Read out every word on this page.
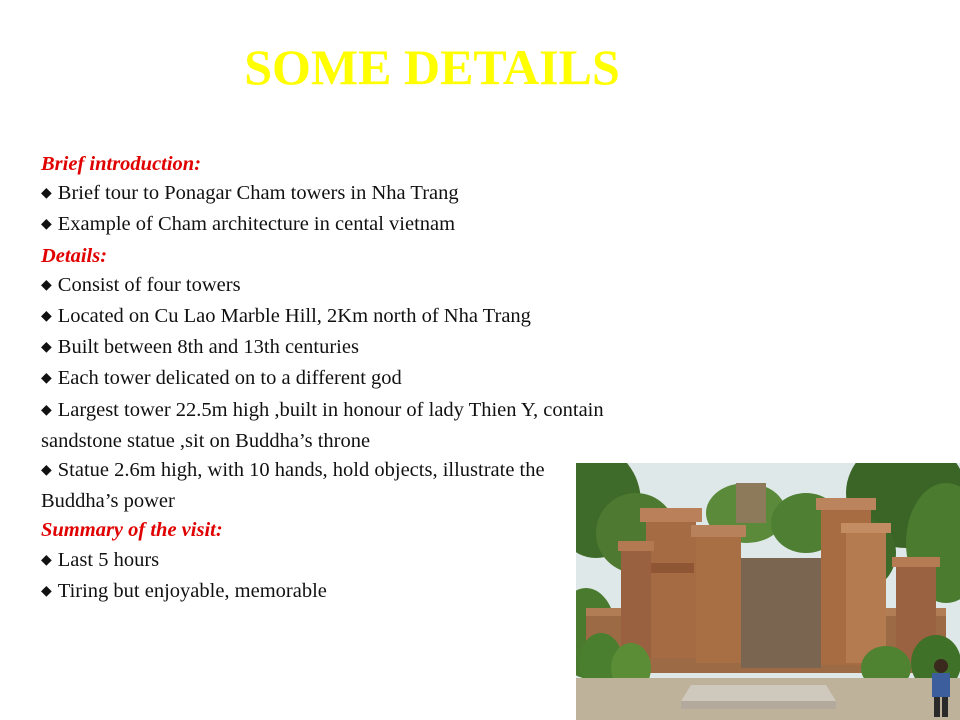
SOME DETAILS

Brief introduction:

◆ Brief tour to Ponagar Cham towers in Nha Trang

◆ Example of Cham architecture in cental vietnam

Details:

◆ Consist of four towers

◆ Located on Cu Lao Marble Hill, 2Km north of Nha Trang

◆ Built between 8th and 13th centuries

◆ Each tower delicated on to a different god

◆ Largest tower 22.5m high ,built in honour of lady Thien Y, contain sandstone statue ,sit on Buddha’s throne

◆ Statue 2.6m high, with 10 hands, hold objects, illustrate the Buddha’s power

Summary of the visit:

◆ Last 5 hours

◆ Tiring but enjoyable, memorable
